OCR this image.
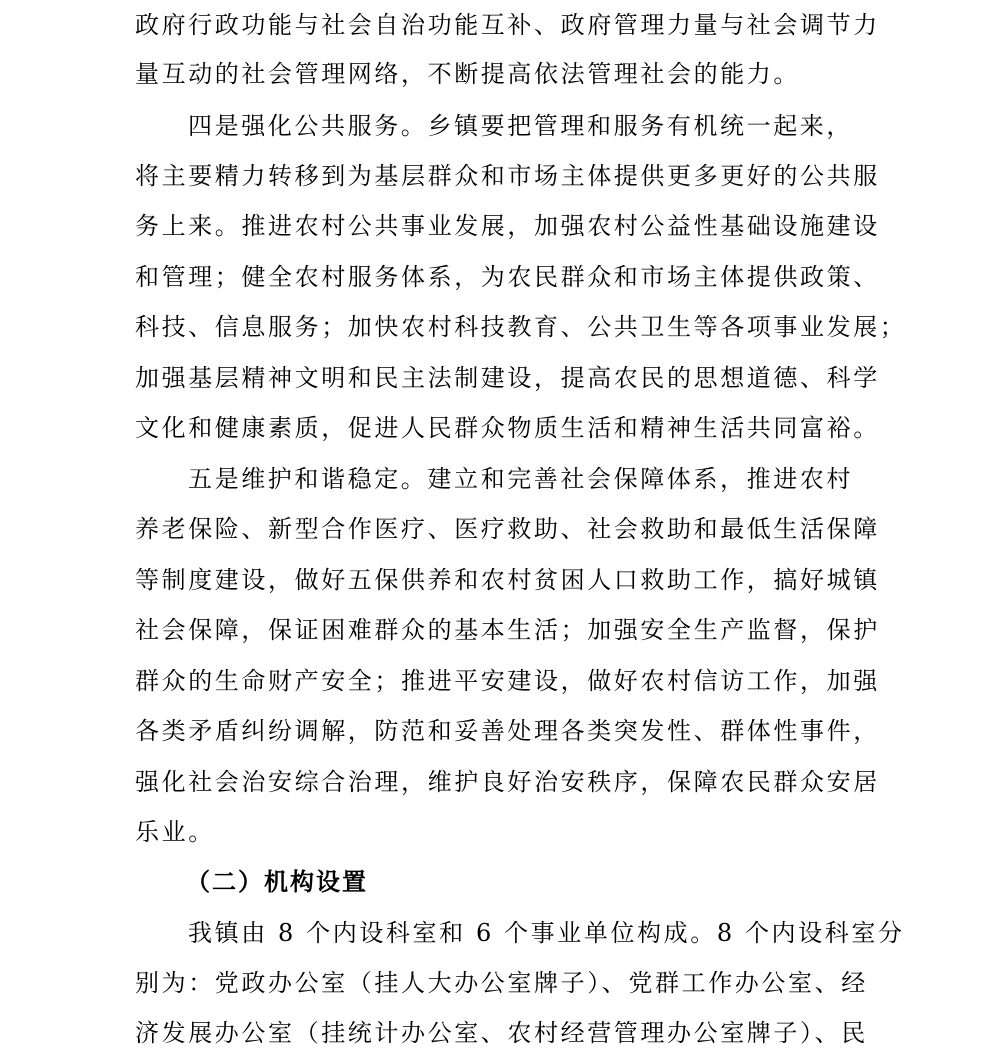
政府行政功能与社会自治功能互补、政府管理力量与社会调节力

量互动的社会管理网络，不断提高依法管理社会的能力。

四是强化公共服务。乡镇要把管理和服务有机统一起来，

将主要精力转移到为基层群众和市场主体提供更多更好的公共服

务上来。推进农村公共事业发展，加强农村公益性基础设施建设

和管理；健全农村服务体系，为农民群众和市场主体提供政策、

科技、信息服务；加快农村科技教育、公共卫生等各项事业发展；

加强基层精神文明和民主法制建设，提高农民的思想道德、科学

文化和健康素质，促进人民群众物质生活和精神生活共同富裕。

五是维护和谐稳定。建立和完善社会保障体系，推进农村

养老保险、新型合作医疗、医疗救助、社会救助和最低生活保障

等制度建设，做好五保供养和农村贫困人口救助工作，搞好城镇

社会保障，保证困难群众的基本生活；加强安全生产监督，保护

群众的生命财产安全；推进平安建设，做好农村信访工作，加强

各类矛盾纠纷调解，防范和妥善处理各类突发性、群体性事件，

强化社会治安综合治理，维护良好治安秩序，保障农民群众安居

乐业。

（二）机构设置

我镇由 8 个内设科室和 6 个事业单位构成。8 个内设科室分

别为：党政办公室（挂人大办公室牌子）、党群工作办公室、经

济发展办公室（挂统计办公室、农村经营管理办公室牌子）、民
